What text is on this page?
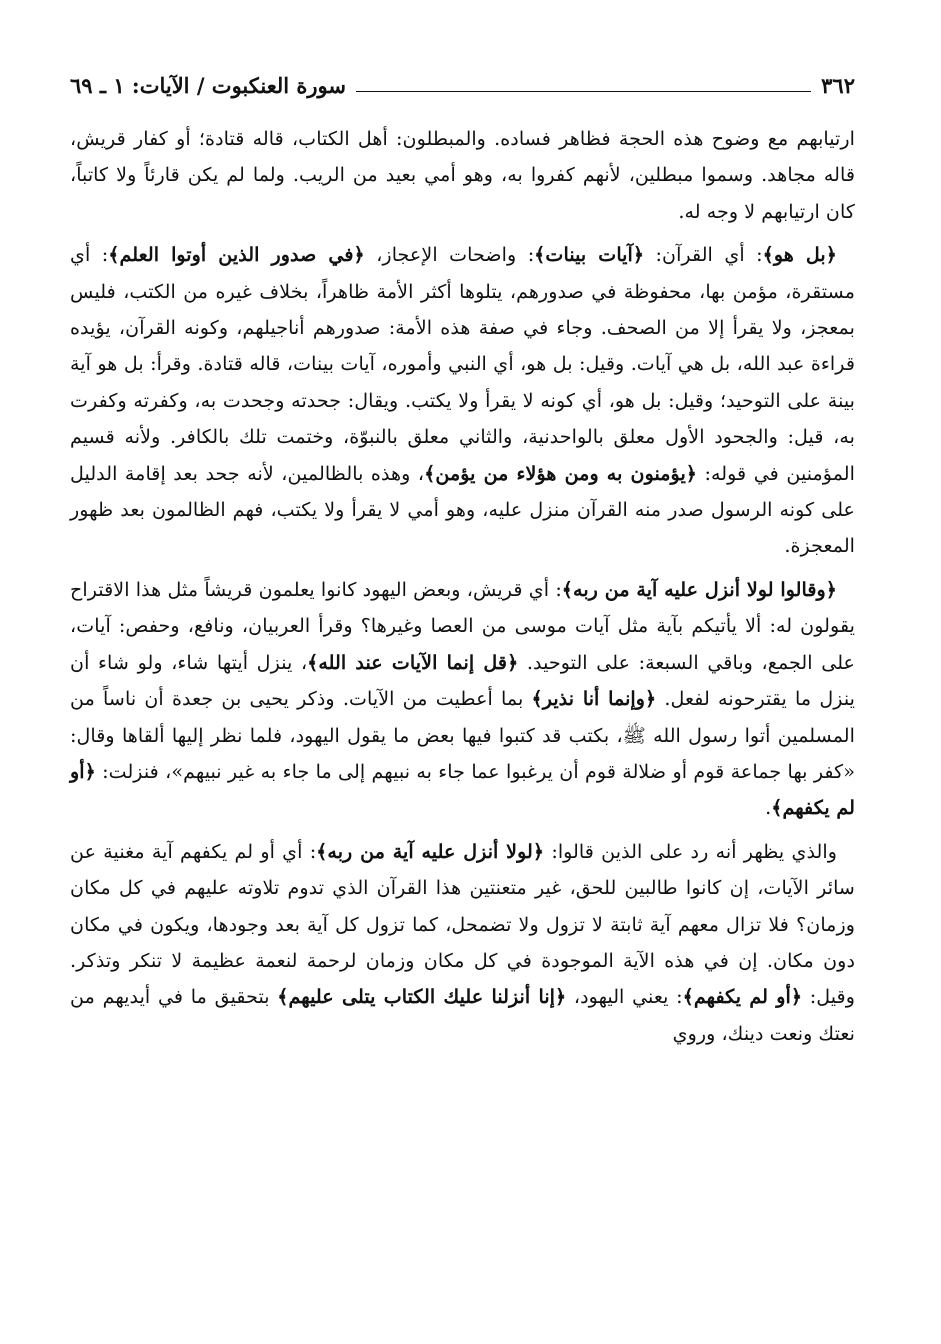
٣٦٢
سورة العنكبوت / الآيات: ١ ـ ٦٩

ارتيابهم مع وضوح هذه الحجة فظاهر فساده. والمبطلون: أهل الكتاب، قاله قتادة؛ أو كفار قريش، قاله مجاهد. وسموا مبطلين، لأنهم كفروا به، وهو أمي بعيد من الريب. ولما لم يكن قارئاً ولا كاتباً، كان ارتيابهم لا وجه له.

﴿بل هو﴾: أي القرآن: ﴿آيات بينات﴾: واضحات الإعجاز، ﴿في صدور الذين أوتوا العلم﴾: أي مستقرة، مؤمن بها، محفوظة في صدورهم، يتلوها أكثر الأمة ظاهراً، بخلاف غيره من الكتب، فليس بمعجز، ولا يقرأ إلا من الصحف. وجاء في صفة هذه الأمة: صدورهم أناجيلهم، وكونه القرآن، يؤيده قراءة عبد الله، بل هي آيات. وقيل: بل هو، أي النبي وأموره، آيات بينات، قاله قتادة. وقرأ: بل هو آية بينة على التوحيد؛ وقيل: بل هو، أي كونه لا يقرأ ولا يكتب. ويقال: جحدته وجحدت به، وكفرته وكفرت به، قيل: والجحود الأول معلق بالواحدنية، والثاني معلق بالنبوّة، وختمت تلك بالكافر. ولأنه قسيم المؤمنين في قوله: ﴿يؤمنون به ومن هؤلاء من يؤمن﴾، وهذه بالظالمين، لأنه جحد بعد إقامة الدليل على كونه الرسول صدر منه القرآن منزل عليه، وهو أمي لا يقرأ ولا يكتب، فهم الظالمون بعد ظهور المعجزة.

﴿وقالوا لولا أنزل عليه آية من ربه﴾: أي قريش، وبعض اليهود كانوا يعلمون قريشاً مثل هذا الاقتراح يقولون له: ألا يأتيكم بآية مثل آيات موسى من العصا وغيرها؟ وقرأ العربيان، ونافع، وحفص: آيات، على الجمع، وباقي السبعة: على التوحيد. ﴿قل إنما الآيات عند الله﴾، ينزل أيتها شاء، ولو شاء أن ينزل ما يقترحونه لفعل. ﴿وإنما أنا نذير﴾ بما أعطيت من الآيات. وذكر يحيى بن جعدة أن ناساً من المسلمين أتوا رسول الله ﷺ، بكتب قد كتبوا فيها بعض ما يقول اليهود، فلما نظر إليها ألقاها وقال: «كفر بها جماعة قوم أو ضلالة قوم أن يرغبوا عما جاء به نبيهم إلى ما جاء به غير نبيهم»، فنزلت: ﴿أو لم يكفهم﴾.

والذي يظهر أنه رد على الذين قالوا: ﴿لولا أنزل عليه آية من ربه﴾: أي أو لم يكفهم آية مغنية عن سائر الآيات، إن كانوا طالبين للحق، غير متعنتين هذا القرآن الذي تدوم تلاوته عليهم في كل مكان وزمان؟ فلا تزال معهم آية ثابتة لا تزول ولا تضمحل، كما تزول كل آية بعد وجودها، ويكون في مكان دون مكان. إن في هذه الآية الموجودة في كل مكان وزمان لرحمة لنعمة عظيمة لا تنكر وتذكر. وقيل: ﴿أو لم يكفهم﴾: يعني اليهود، ﴿إنا أنزلنا عليك الكتاب يتلى عليهم﴾ بتحقيق ما في أيديهم من نعتك ونعت دينك، وروي
